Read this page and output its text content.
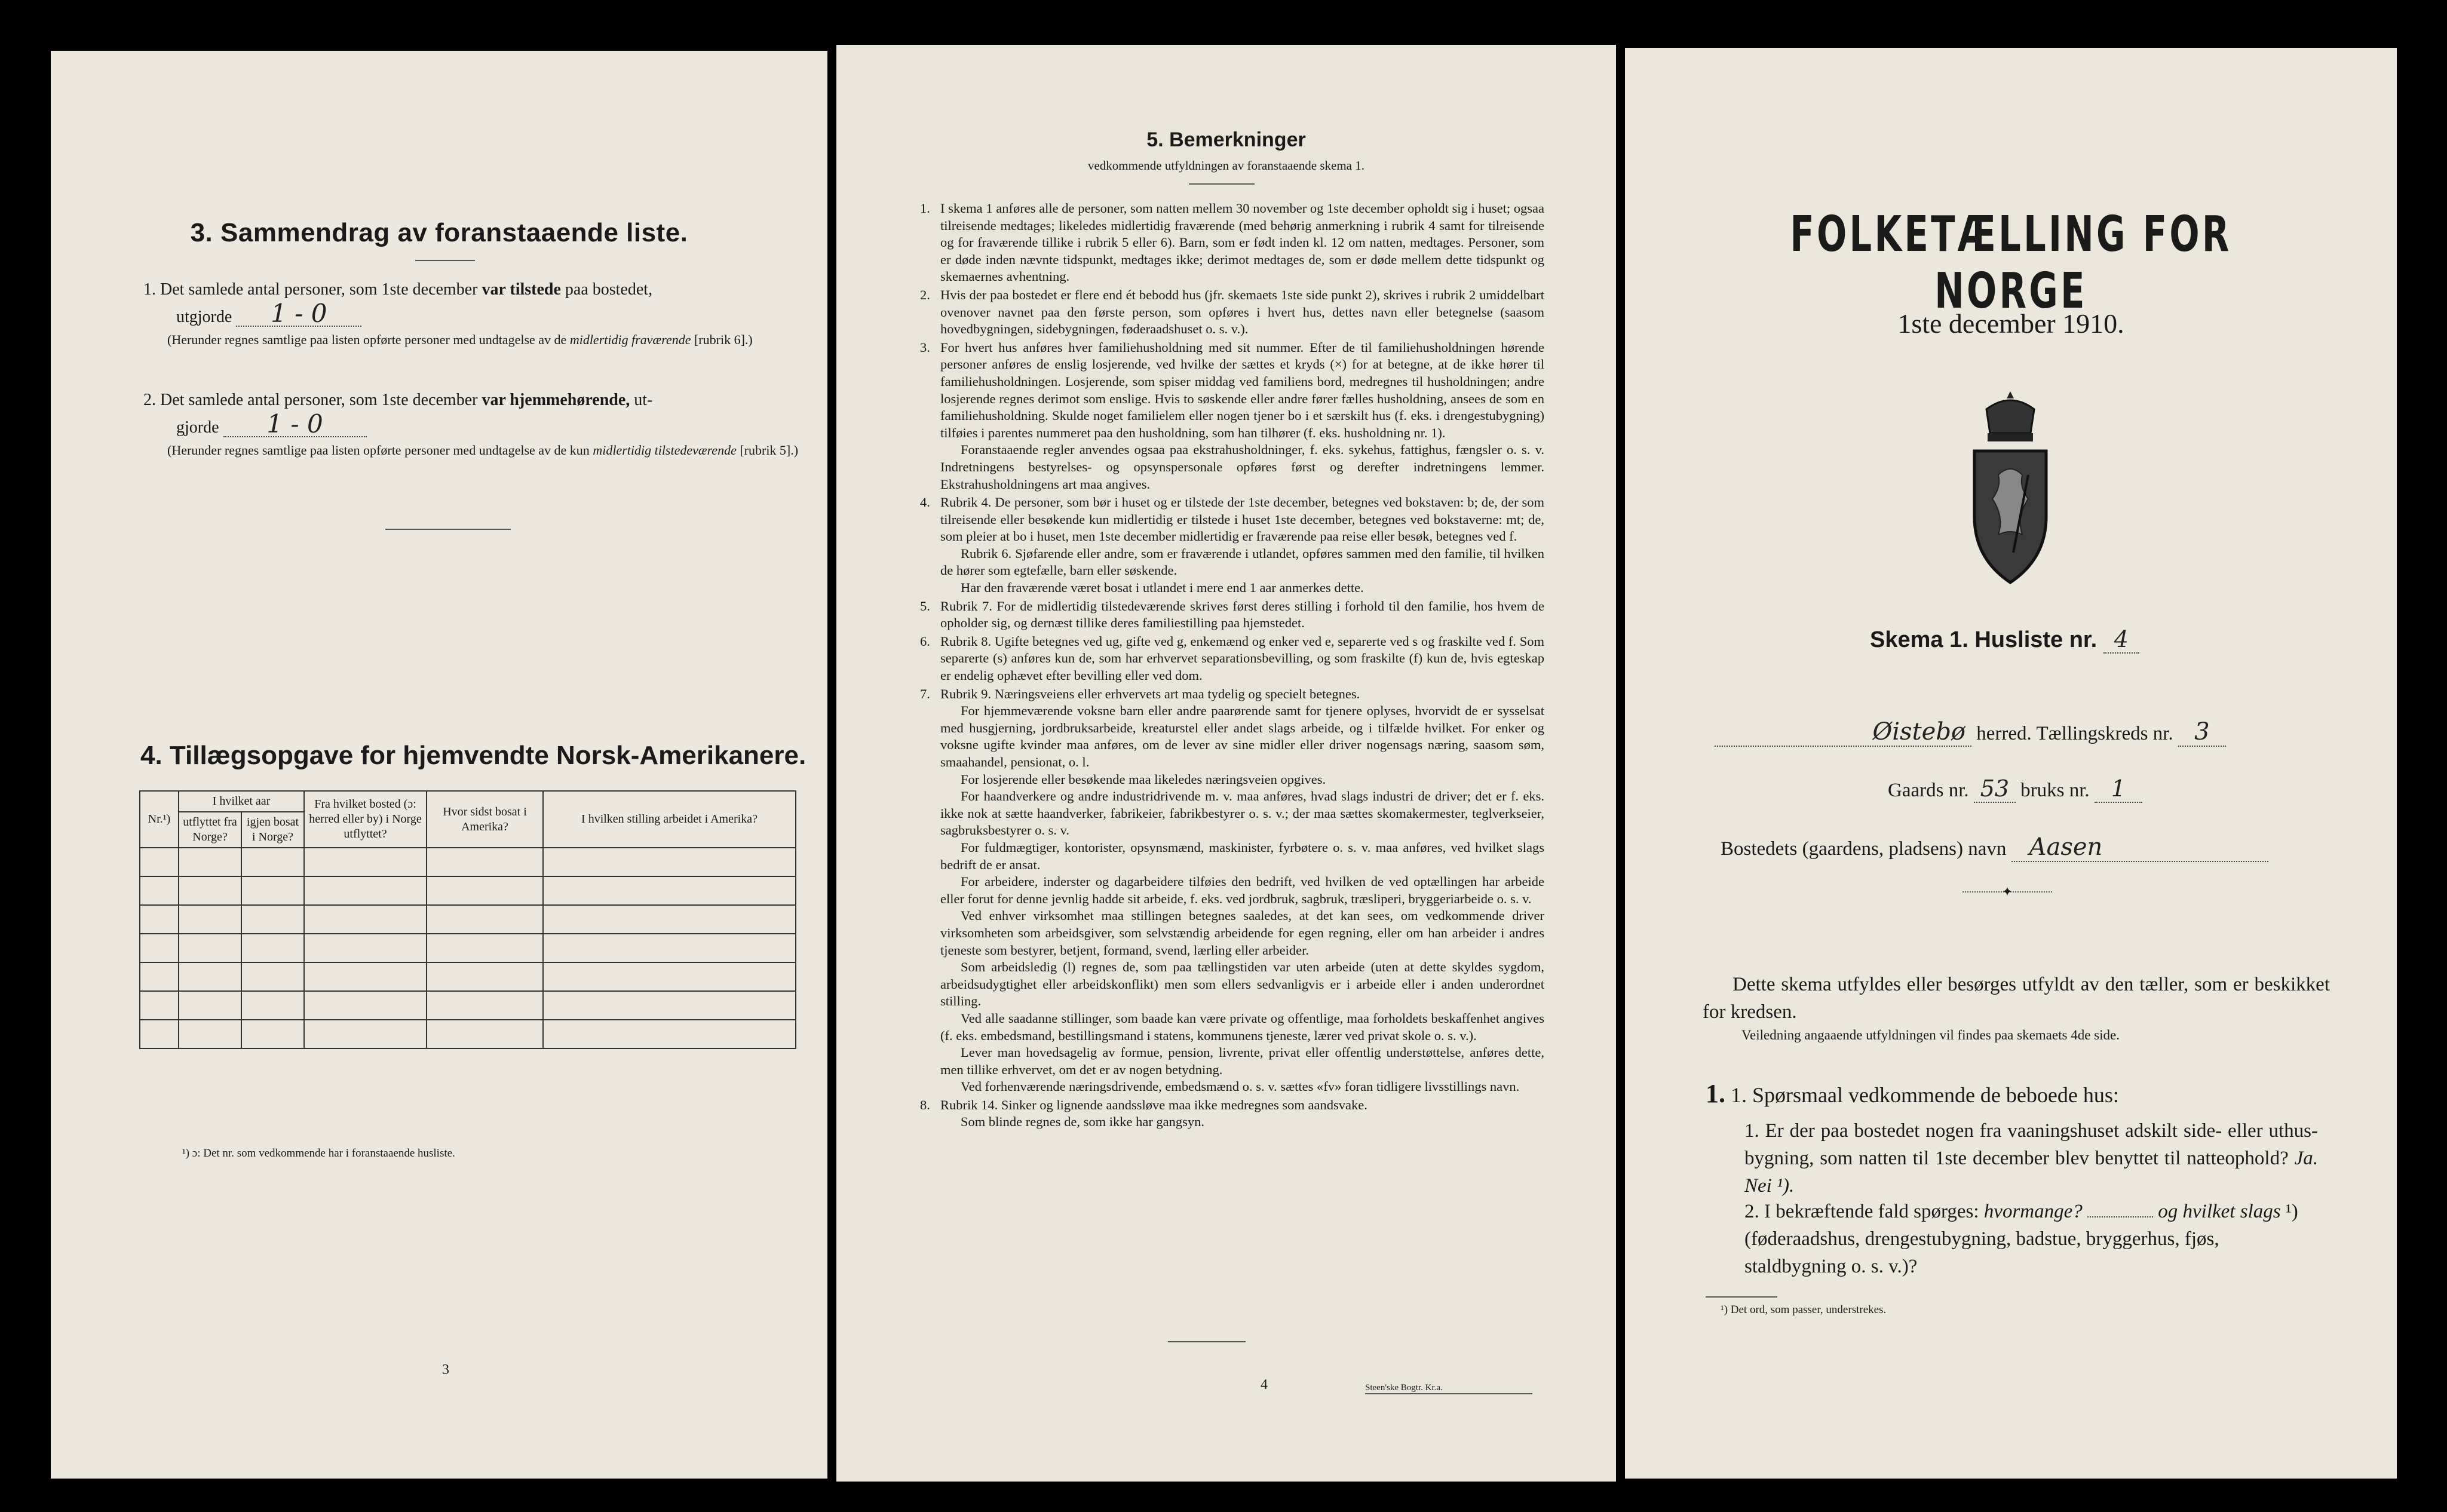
3. Sammendrag av foranstaaende liste.
1. Det samlede antal personer, som 1ste december var tilstede paa bostedet,
utgjorde 1 - 0
(Herunder regnes samtlige paa listen opførte personer med undtagelse av de midlertidig fraværende [rubrik 6].)
2. Det samlede antal personer, som 1ste december var hjemmehørende, ut-
gjorde 1 - 0
(Herunder regnes samtlige paa listen opførte personer med undtagelse av de kun midlertidig tilstedeværende [rubrik 5].)
4. Tillægsopgave for hjemvendte Norsk-Amerikanere.
Nr.¹)	I hvilket aar		Fra hvilket bosted (ɔ: herred eller by) i Norge utflyttet?	Hvor sidst bosat i Amerika?	I hvilken stilling arbeidet i Amerika?
	utflyttet fra Norge?	igjen bosat i Norge?			

¹) ɔ: Det nr. som vedkommende har i foranstaaende husliste.
3
5. Bemerkninger
vedkommende utfyldningen av foranstaaende skema 1.
1. I skema 1 anføres alle de personer, som natten mellem 30 november og 1ste december opholdt sig i huset; ogsaa tilreisende medtages; likeledes midlertidig fraværende (med behørig anmerkning i rubrik 4 samt for tilreisende og for fraværende tillike i rubrik 5 eller 6). Barn, som er født inden kl. 12 om natten, medtages. Personer, som er døde inden nævnte tidspunkt, medtages ikke; derimot medtages de, som er døde mellem dette tidspunkt og skemaernes avhentning.

2. Hvis der paa bostedet er flere end ét bebodd hus (jfr. skemaets 1ste side punkt 2), skrives i rubrik 2 umiddelbart ovenover navnet paa den første person, som opføres i hvert hus, dettes navn eller betegnelse (saasom hovedbygningen, sidebygningen, føderaadshuset o. s. v.).

3. For hvert hus anføres hver familiehusholdning med sit nummer. Efter de til familiehusholdningen hørende personer anføres de enslig losjerende, ved hvilke der sættes et kryds (×) for at betegne, at de ikke hører til familiehusholdningen. Losjerende, som spiser middag ved familiens bord, medregnes til husholdningen; andre losjerende regnes derimot som enslige. Hvis to søskende eller andre fører fælles husholdning, ansees de som en familiehusholdning. Skulde noget familielem eller nogen tjener bo i et særskilt hus (f. eks. i drengestubygning) tilføies i parentes nummeret paa den husholdning, som han tilhører (f. eks. husholdning nr. 1).

Foranstaaende regler anvendes ogsaa paa ekstrahusholdninger, f. eks. sykehus, fattighus, fængsler o. s. v. Indretningens bestyrelses- og opsynspersonale opføres først og derefter indretningens lemmer. Ekstrahusholdningens art maa angives.

4. Rubrik 4. De personer, som bør i huset og er tilstede der 1ste december, betegnes ved bokstaven: b; de, der som tilreisende eller besøkende kun midlertidig er tilstede i huset 1ste december, betegnes ved bokstaverne: mt; de, som pleier at bo i huset, men 1ste december midlertidig er fraværende paa reise eller besøk, betegnes ved f.

Rubrik 6. Sjøfarende eller andre, som er fraværende i utlandet, opføres sammen med den familie, til hvilken de hører som egtefælle, barn eller søskende.

Har den fraværende været bosat i utlandet i mere end 1 aar anmerkes dette.

5. Rubrik 7. For de midlertidig tilstedeværende skrives først deres stilling i forhold til den familie, hos hvem de opholder sig, og dernæst tillike deres familiestilling paa hjemstedet.

6. Rubrik 8. Ugifte betegnes ved ug, gifte ved g, enkemænd og enker ved e, separerte ved s og fraskilte ved f. Som separerte (s) anføres kun de, som har erhvervet separationsbevilling, og som fraskilte (f) kun de, hvis egteskap er endelig ophævet efter bevilling eller ved dom.

7. Rubrik 9. Næringsveiens eller erhvervets art maa tydelig og specielt betegnes.

For hjemmeværende voksne barn eller andre paarørende samt for tjenere oplyses, hvorvidt de er sysselsat med husgjerning, jordbruksarbeide, kreaturstel eller andet slags arbeide, og i tilfælde hvilket. For enker og voksne ugifte kvinder maa anføres, om de lever av sine midler eller driver nogensags næring, saasom søm, smaahandel, pensionat, o. l.

For losjerende eller besøkende maa likeledes næringsveien opgives.

For haandverkere og andre industridrivende m. v. maa anføres, hvad slags industri de driver; det er f. eks. ikke nok at sætte haandverker, fabrikeier, fabrikbestyrer o. s. v.; der maa sættes skomakermester, teglverkseier, sagbruksbestyrer o. s. v.

For fuldmægtiger, kontorister, opsynsmænd, maskinister, fyrbøtere o. s. v. maa anføres, ved hvilket slags bedrift de er ansat.

For arbeidere, inderster og dagarbeidere tilføies den bedrift, ved hvilken de ved optællingen har arbeide eller forut for denne jevnlig hadde sit arbeide, f. eks. ved jordbruk, sagbruk, træsliperi, bryggeriarbeide o. s. v.

Ved enhver virksomhet maa stillingen betegnes saaledes, at det kan sees, om vedkommende driver virksomheten som arbeidsgiver, som selvstændig arbeidende for egen regning, eller om han arbeider i andres tjeneste som bestyrer, betjent, formand, svend, lærling eller arbeider.

Som arbeidsledig (l) regnes de, som paa tællingstiden var uten arbeide (uten at dette skyldes sygdom, arbeidsudygtighet eller arbeidskonflikt) men som ellers sedvanligvis er i arbeide eller i anden underordnet stilling.

Ved alle saadanne stillinger, som baade kan være private og offentlige, maa forholdets beskaffenhet angives (f. eks. embedsmand, bestillingsmand i statens, kommunens tjeneste, lærer ved privat skole o. s. v.).

Lever man hovedsagelig av formue, pension, livrente, privat eller offentlig understøttelse, anføres dette, men tillike erhvervet, om det er av nogen betydning.

Ved forhenværende næringsdrivende, embedsmænd o. s. v. sættes «fv» foran tidligere livsstillings navn.

8. Rubrik 14. Sinker og lignende aandssløve maa ikke medregnes som aandsvake.

Som blinde regnes de, som ikke har gangsyn.

4	Steen'ske Bogtr. Kr.a.
FOLKETÆLLING FOR NORGE
1ste december 1910.
Skema 1. Husliste nr. 4
Øistebø herred. Tællingskreds nr. 3
Gaards nr. 53 bruks nr. 1
Bostedets (gaardens, pladsens) navn Aasen
✦
Dette skema utfyldes eller besørges utfyldt av den tæller, som er beskikket for kredsen.
Veiledning angaaende utfyldningen vil findes paa skemaets 4de side.
1. 1. Spørsmaal vedkommende de beboede hus:
1. Er der paa bostedet nogen fra vaaningshuset adskilt side- eller uthus-bygning, som natten til 1ste december blev benyttet til natteophold? Ja. Nei ¹).
2. I bekræftende fald spørges: hvormange?	og hvilket slags ¹) (føderaadshus, drengestubygning, badstue, bryggerhus, fjøs, staldbygning o. s. v.)?
¹) Det ord, som passer, understrekes.
